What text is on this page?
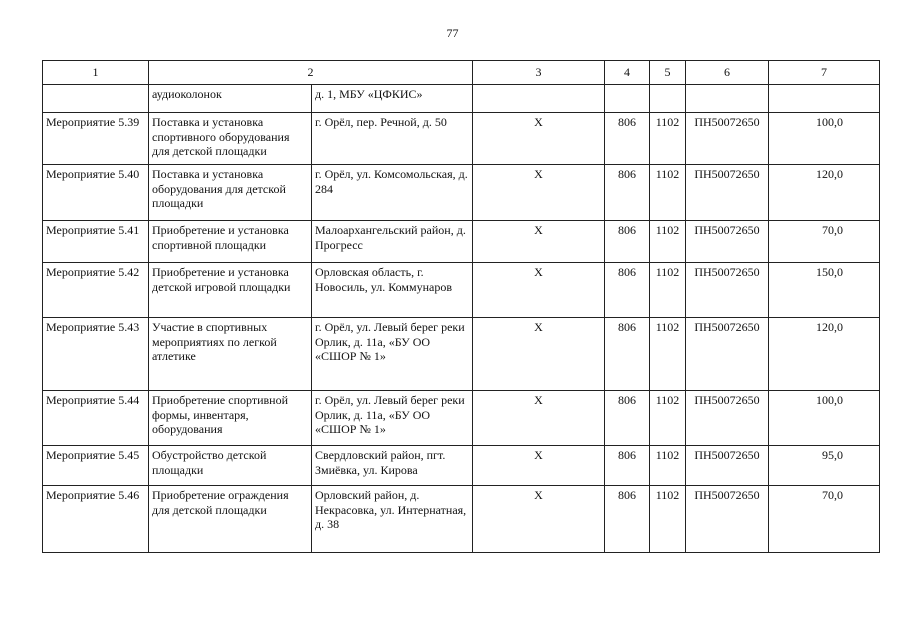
77
1	2		3	4	5	6	7
	аудиоколонок	д. 1, МБУ «ЦФКИС»					
Мероприятие 5.39	Поставка и установка спортивного оборудования для детской площадки	г. Орёл, пер. Речной, д. 50	Х	806	1102	ПН50072650	100,0
Мероприятие 5.40	Поставка и установка оборудования для детской площадки	г. Орёл, ул. Комсомольская, д. 284	Х	806	1102	ПН50072650	120,0
Мероприятие 5.41	Приобретение и установка спортивной площадки	Малоархангельский район, д. Прогресс	Х	806	1102	ПН50072650	70,0
Мероприятие 5.42	Приобретение и установка детской игровой площадки	Орловская область, г. Новосиль, ул. Коммунаров	Х	806	1102	ПН50072650	150,0
Мероприятие 5.43	Участие в спортивных мероприятиях по легкой атлетике	г. Орёл, ул. Левый берег реки Орлик, д. 11а, «БУ ОО «СШОР № 1»	Х	806	1102	ПН50072650	120,0
Мероприятие 5.44	Приобретение спортивной формы, инвентаря, оборудования	г. Орёл, ул. Левый берег реки Орлик, д. 11а, «БУ ОО «СШОР № 1»	Х	806	1102	ПН50072650	100,0
Мероприятие 5.45	Обустройство детской площадки	Свердловский район, пгт. Змиёвка, ул. Кирова	Х	806	1102	ПН50072650	95,0
Мероприятие 5.46	Приобретение ограждения для детской площадки	Орловский район, д. Некрасовка, ул. Интернатная, д. 38	Х	806	1102	ПН50072650	70,0
